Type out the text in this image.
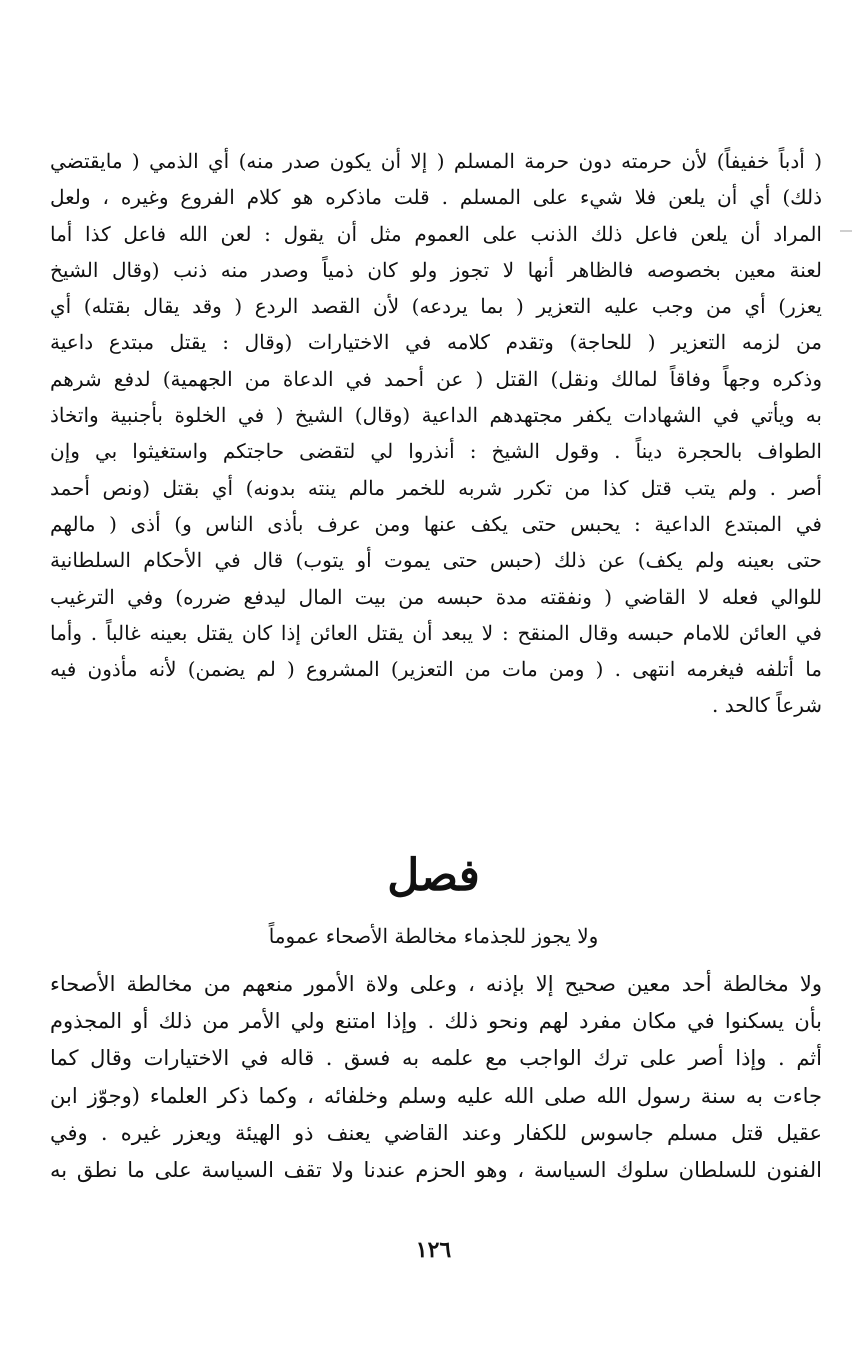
( أدباً خفيفاً) لأن حرمته دون حرمة المسلم ( إلا أن يكون صدر منه) أي الذمي ( مايقتضي
ذلك) أي أن يلعن فلا شيء على المسلم . قلت ماذكره هو كلام الفروع وغيره ، ولعل
المراد أن يلعن فاعل ذلك الذنب على العموم مثل أن يقول : لعن الله فاعل كذا أما
لعنة معين بخصوصه فالظاهر أنها لا تجوز ولو كان ذمياً وصدر منه ذنب (وقال الشيخ
يعزر) أي من وجب عليه التعزير ( بما يردعه) لأن القصد الردع ( وقد يقال بقتله) أي
من لزمه التعزير ( للحاجة) وتقدم كلامه في الاختيارات (وقال : يقتل مبتدع داعية
وذكره وجهاً وفاقاً لمالك ونقل) القتل ( عن أحمد في الدعاة من الجهمية) لدفع شرهم
به ويأتي في الشهادات يكفر مجتهدهم الداعية (وقال) الشيخ ( في الخلوة بأجنبية واتخاذ
الطواف بالحجرة ديناً . وقول الشيخ : أنذروا لي لتقضى حاجتكم واستغيثوا بي وإن
أصر . ولم يتب قتل كذا من تكرر شربه للخمر مالم ينته بدونه) أي بقتل (ونص أحمد
في المبتدع الداعية : يحبس حتى يكف عنها ومن عرف بأذى الناس و) أذى ( مالهم
حتى بعينه ولم يكف) عن ذلك (حبس حتى يموت أو يتوب) قال في الأحكام السلطانية
للوالي فعله لا القاضي ( ونفقته مدة حبسه من بيت المال ليدفع ضرره) وفي الترغيب
في العائن للامام حبسه وقال المنقح : لا يبعد أن يقتل العائن إذا كان يقتل بعينه غالباً . وأما
ما أتلفه فيغرمه انتهى . ( ومن مات من التعزير) المشروع ( لم يضمن) لأنه مأذون فيه
شرعاً كالحد .
فصل
ولا يجوز للجذماء مخالطة الأصحاء عموماً
ولا مخالطة أحد معين صحيح إلا بإذنه ، وعلى ولاة الأمور منعهم من مخالطة الأصحاء
بأن يسكنوا في مكان مفرد لهم ونحو ذلك . وإذا امتنع ولي الأمر من ذلك أو المجذوم
أثم . وإذا أصر على ترك الواجب مع علمه به فسق . قاله في الاختيارات وقال كما
جاءت به سنة رسول الله صلى الله عليه وسلم وخلفائه ، وكما ذكر العلماء (وجوّز ابن
عقيل قتل مسلم جاسوس للكفار وعند القاضي يعنف ذو الهيئة ويعزر غيره . وفي
الفنون للسلطان سلوك السياسة ، وهو الحزم عندنا ولا تقف السياسة على ما نطق به
١٢٦
